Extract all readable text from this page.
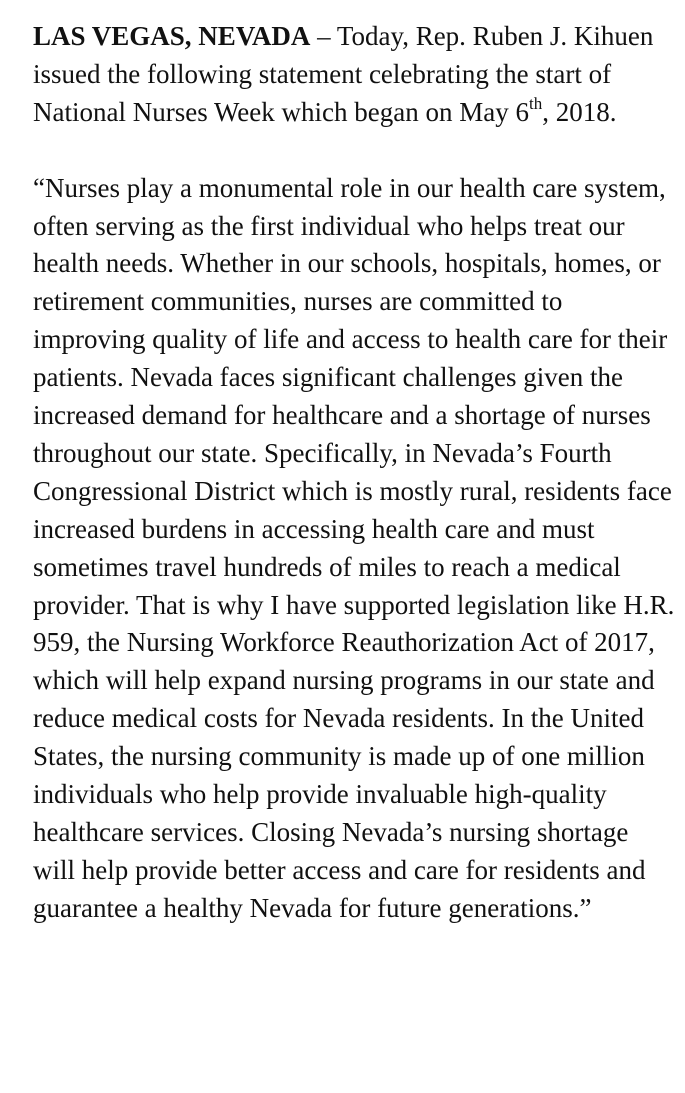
LAS VEGAS, NEVADA – Today, Rep. Ruben J. Kihuen issued the following statement celebrating the start of National Nurses Week which began on May 6th, 2018.

“Nurses play a monumental role in our health care system, often serving as the first individual who helps treat our health needs. Whether in our schools, hospitals, homes, or retirement communities, nurses are committed to improving quality of life and access to health care for their patients. Nevada faces significant challenges given the increased demand for healthcare and a shortage of nurses throughout our state. Specifically, in Nevada’s Fourth Congressional District which is mostly rural, residents face increased burdens in accessing health care and must sometimes travel hundreds of miles to reach a medical provider. That is why I have supported legislation like H.R. 959, the Nursing Workforce Reauthorization Act of 2017, which will help expand nursing programs in our state and reduce medical costs for Nevada residents. In the United States, the nursing community is made up of one million individuals who help provide invaluable high-quality healthcare services. Closing Nevada’s nursing shortage will help provide better access and care for residents and guarantee a healthy Nevada for future generations.”
